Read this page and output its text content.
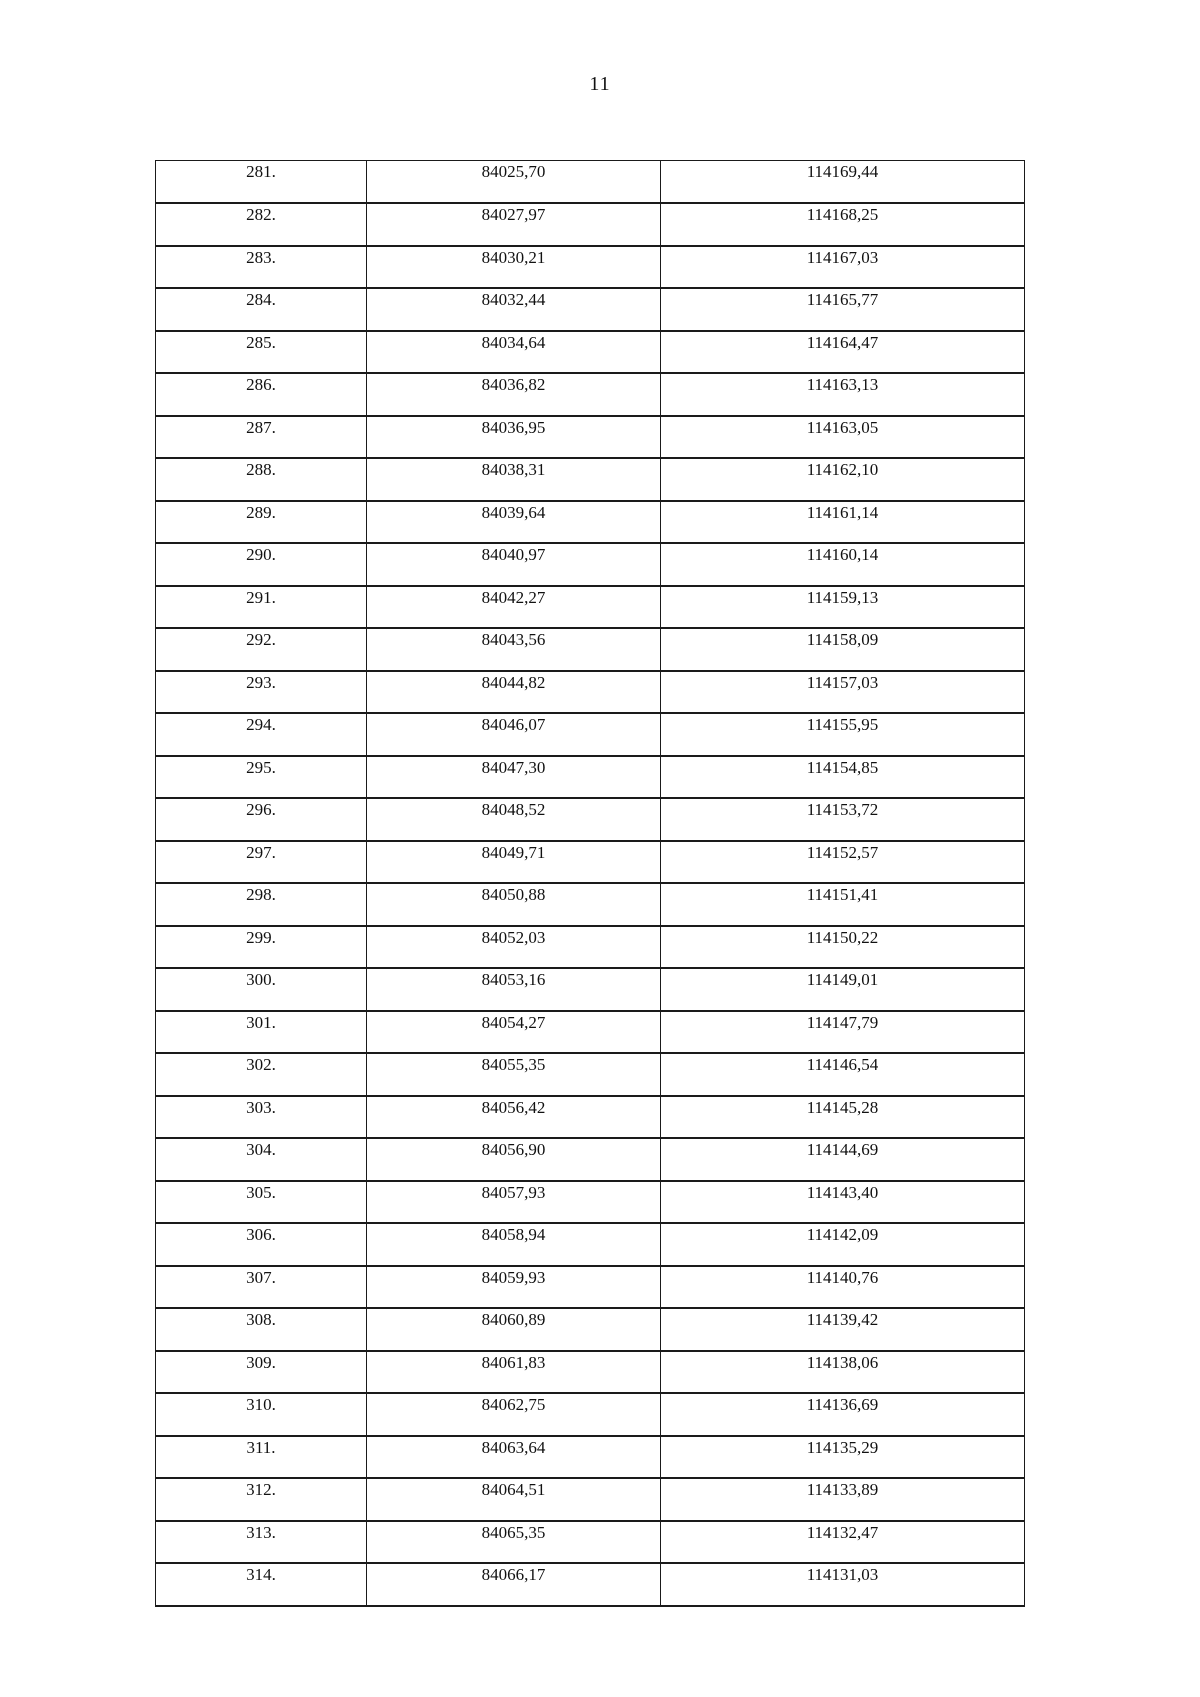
11
281.	84025,70	114169,44
282.	84027,97	114168,25
283.	84030,21	114167,03
284.	84032,44	114165,77
285.	84034,64	114164,47
286.	84036,82	114163,13
287.	84036,95	114163,05
288.	84038,31	114162,10
289.	84039,64	114161,14
290.	84040,97	114160,14
291.	84042,27	114159,13
292.	84043,56	114158,09
293.	84044,82	114157,03
294.	84046,07	114155,95
295.	84047,30	114154,85
296.	84048,52	114153,72
297.	84049,71	114152,57
298.	84050,88	114151,41
299.	84052,03	114150,22
300.	84053,16	114149,01
301.	84054,27	114147,79
302.	84055,35	114146,54
303.	84056,42	114145,28
304.	84056,90	114144,69
305.	84057,93	114143,40
306.	84058,94	114142,09
307.	84059,93	114140,76
308.	84060,89	114139,42
309.	84061,83	114138,06
310.	84062,75	114136,69
311.	84063,64	114135,29
312.	84064,51	114133,89
313.	84065,35	114132,47
314.	84066,17	114131,03
